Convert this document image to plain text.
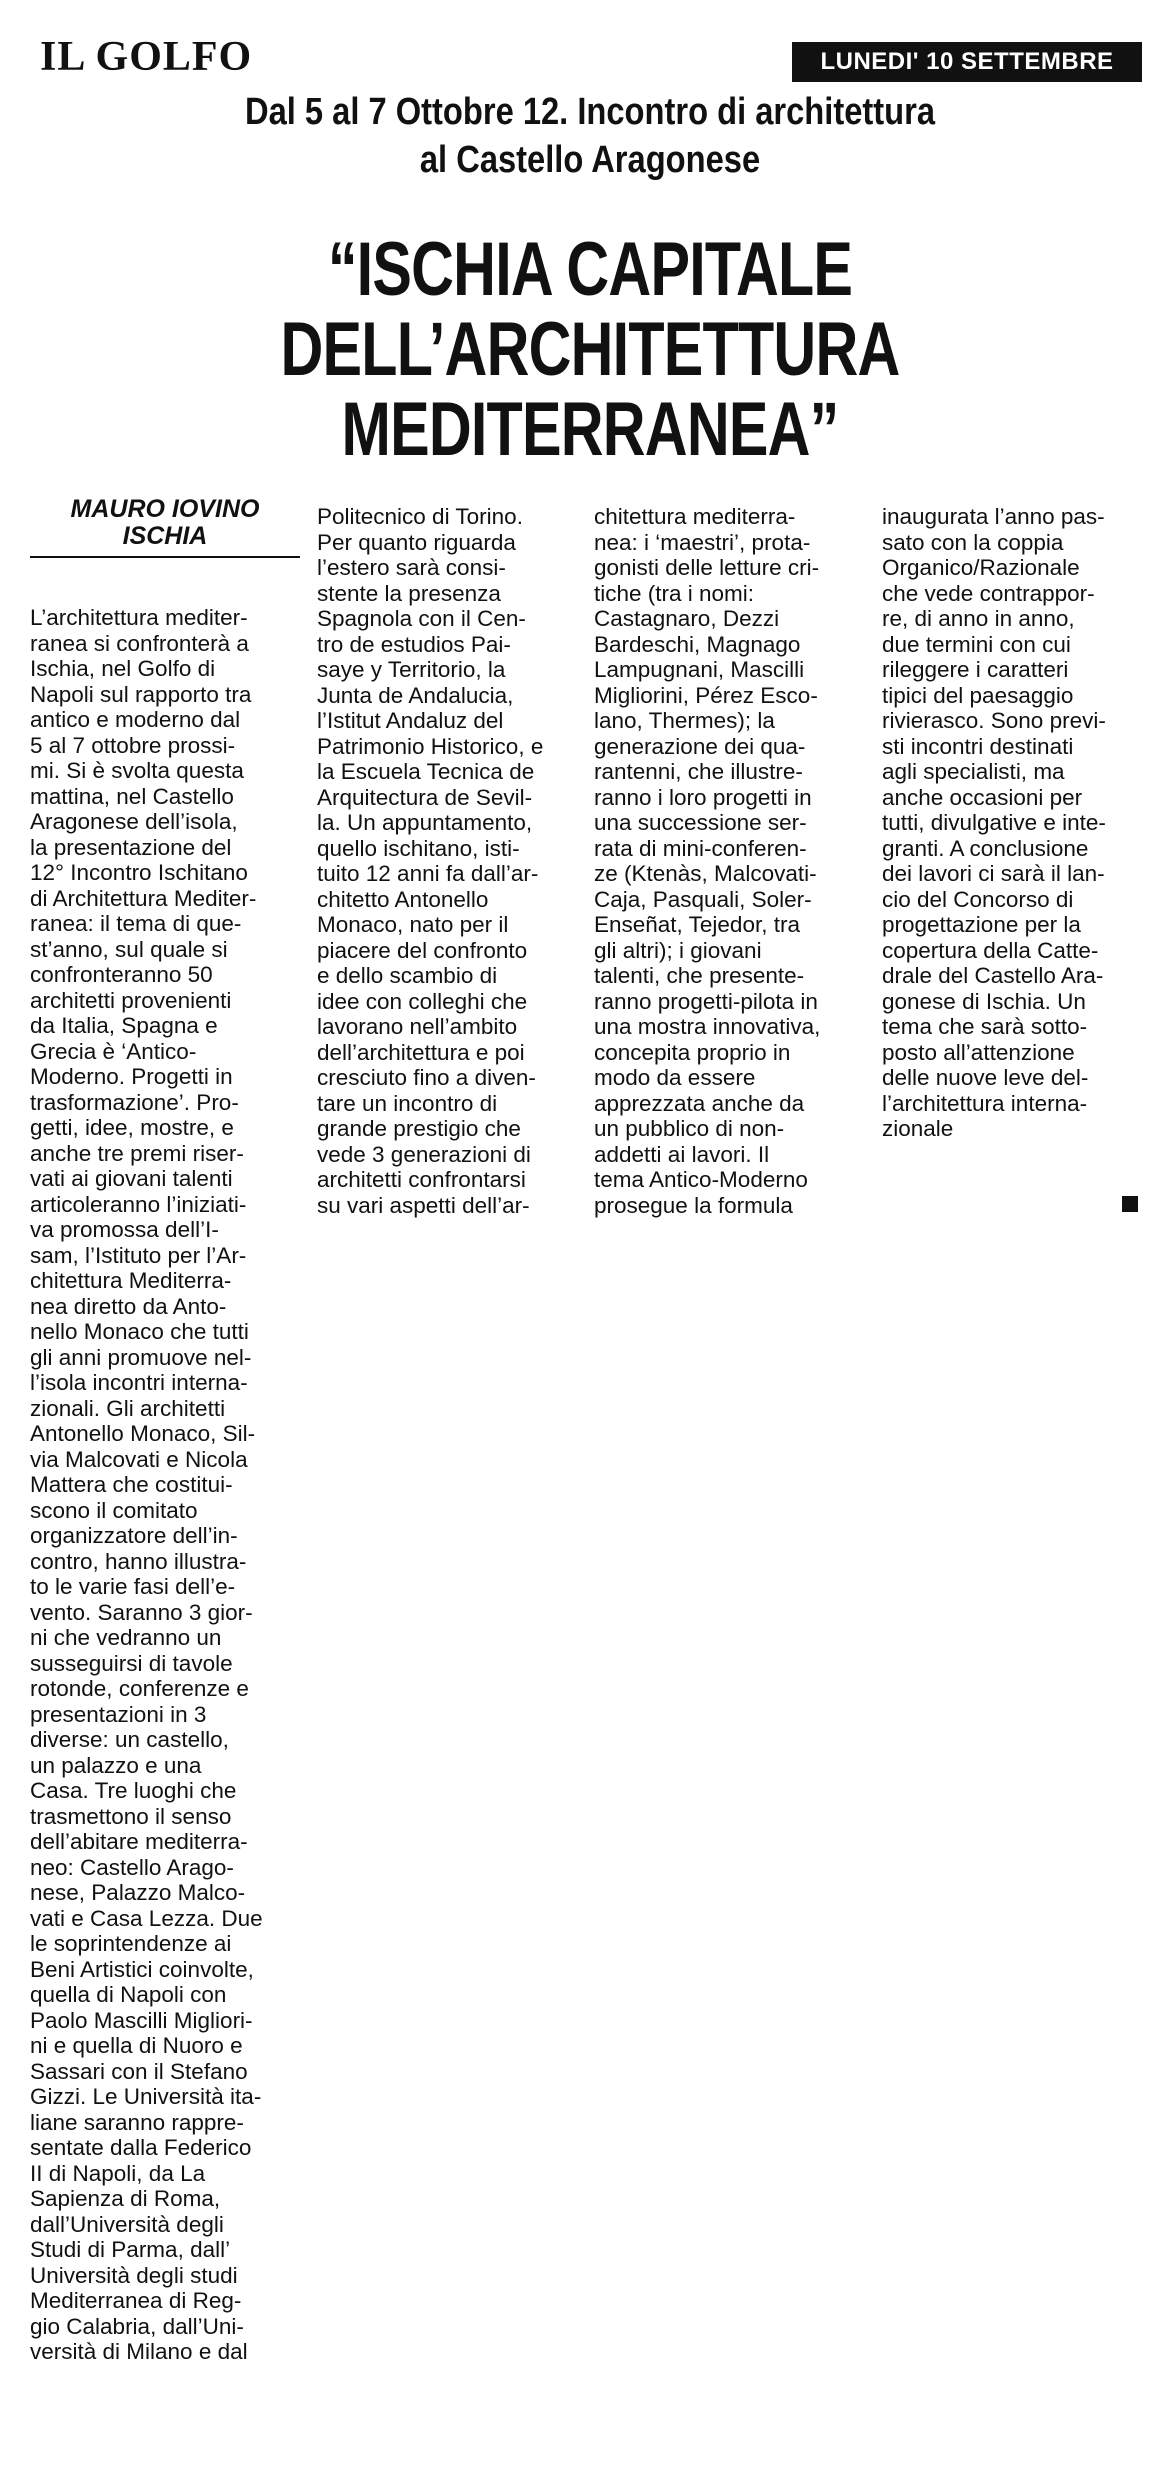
IL GOLFO	LUNEDI' 10 SETTEMBRE 2007
Dal 5 al 7 Ottobre 12. Incontro di architettura
al Castello Aragonese
“ISCHIA CAPITALE
DELL’ARCHITETTURA
MEDITERRANEA”
MAURO IOVINO
ISCHIA

L’architettura mediter-
ranea si confronterà a
Ischia, nel Golfo di
Napoli sul rapporto tra
antico e moderno dal
5 al 7 ottobre prossi-
mi. Si è svolta questa
mattina, nel Castello
Aragonese dell’isola,
la presentazione del
12° Incontro Ischitano
di Architettura Mediter-
ranea: il tema di que-
st’anno, sul quale si
confronteranno 50
architetti provenienti
da Italia, Spagna e
Grecia è ‘Antico-
Moderno. Progetti in
trasformazione’. Pro-
getti, idee, mostre, e
anche tre premi riser-
vati ai giovani talenti
articoleranno l’iniziati-
va promossa dell’I-
sam, l’Istituto per l’Ar-
chitettura Mediterra-
nea diretto da Anto-
nello Monaco che tutti
gli anni promuove nel-
l’isola incontri interna-
zionali. Gli architetti
Antonello Monaco, Sil-
via Malcovati e Nicola
Mattera che costitui-
scono il comitato
organizzatore dell’in-
contro, hanno illustra-
to le varie fasi dell’e-
vento. Saranno 3 gior-
ni che vedranno un
susseguirsi di tavole
rotonde, conferenze e
presentazioni in 3
diverse: un castello,
un palazzo e una
Casa. Tre luoghi che
trasmettono il senso
dell’abitare mediterra-
neo: Castello Arago-
nese, Palazzo Malco-
vati e Casa Lezza. Due
le soprintendenze ai
Beni Artistici coinvolte,
quella di Napoli con
Paolo Mascilli Migliori-
ni e quella di Nuoro e
Sassari con il Stefano
Gizzi. Le Università ita-
liane saranno rappre-
sentate dalla Federico
II di Napoli, da La
Sapienza di Roma,
dall’Università degli
Studi di Parma, dall’
Università degli studi
Mediterranea di Reg-
gio Calabria, dall’Uni-
versità di Milano e dal

Politecnico di Torino.
Per quanto riguarda
l’estero sarà consi-
stente la presenza
Spagnola con il Cen-
tro de estudios Pai-
saye y Territorio, la
Junta de Andalucia,
l’Istitut Andaluz del
Patrimonio Historico, e
la Escuela Tecnica de
Arquitectura de Sevil-
la. Un appuntamento,
quello ischitano, isti-
tuito 12 anni fa dall’ar-
chitetto Antonello
Monaco, nato per il
piacere del confronto
e dello scambio di
idee con colleghi che
lavorano nell’ambito
dell’architettura e poi
cresciuto fino a diven-
tare un incontro di
grande prestigio che
vede 3 generazioni di
architetti confrontarsi
su vari aspetti dell’ar-

chitettura mediterra-
nea: i ‘maestri’, prota-
gonisti delle letture cri-
tiche (tra i nomi:
Castagnaro, Dezzi
Bardeschi, Magnago
Lampugnani, Mascilli
Migliorini, Pérez Esco-
lano, Thermes); la
generazione dei qua-
rantenni, che illustre-
ranno i loro progetti in
una successione ser-
rata di mini-conferen-
ze (Ktenàs, Malcovati-
Caja, Pasquali, Soler-
Enseñat, Tejedor, tra
gli altri); i giovani
talenti, che presente-
ranno progetti-pilota in
una mostra innovativa,
concepita proprio in
modo da essere
apprezzata anche da
un pubblico di non-
addetti ai lavori. Il
tema Antico-Moderno
prosegue la formula

inaugurata l’anno pas-
sato con la coppia
Organico/Razionale
che vede contrappor-
re, di anno in anno,
due termini con cui
rileggere i caratteri
tipici del paesaggio
rivierasco. Sono previ-
sti incontri destinati
agli specialisti, ma
anche occasioni per
tutti, divulgative e inte-
granti. A conclusione
dei lavori ci sarà il lan-
cio del Concorso di
progettazione per la
copertura della Catte-
drale del Castello Ara-
gonese di Ischia. Un
tema che sarà sotto-
posto all’attenzione
delle nuove leve del-
l’architettura interna-
zionale
